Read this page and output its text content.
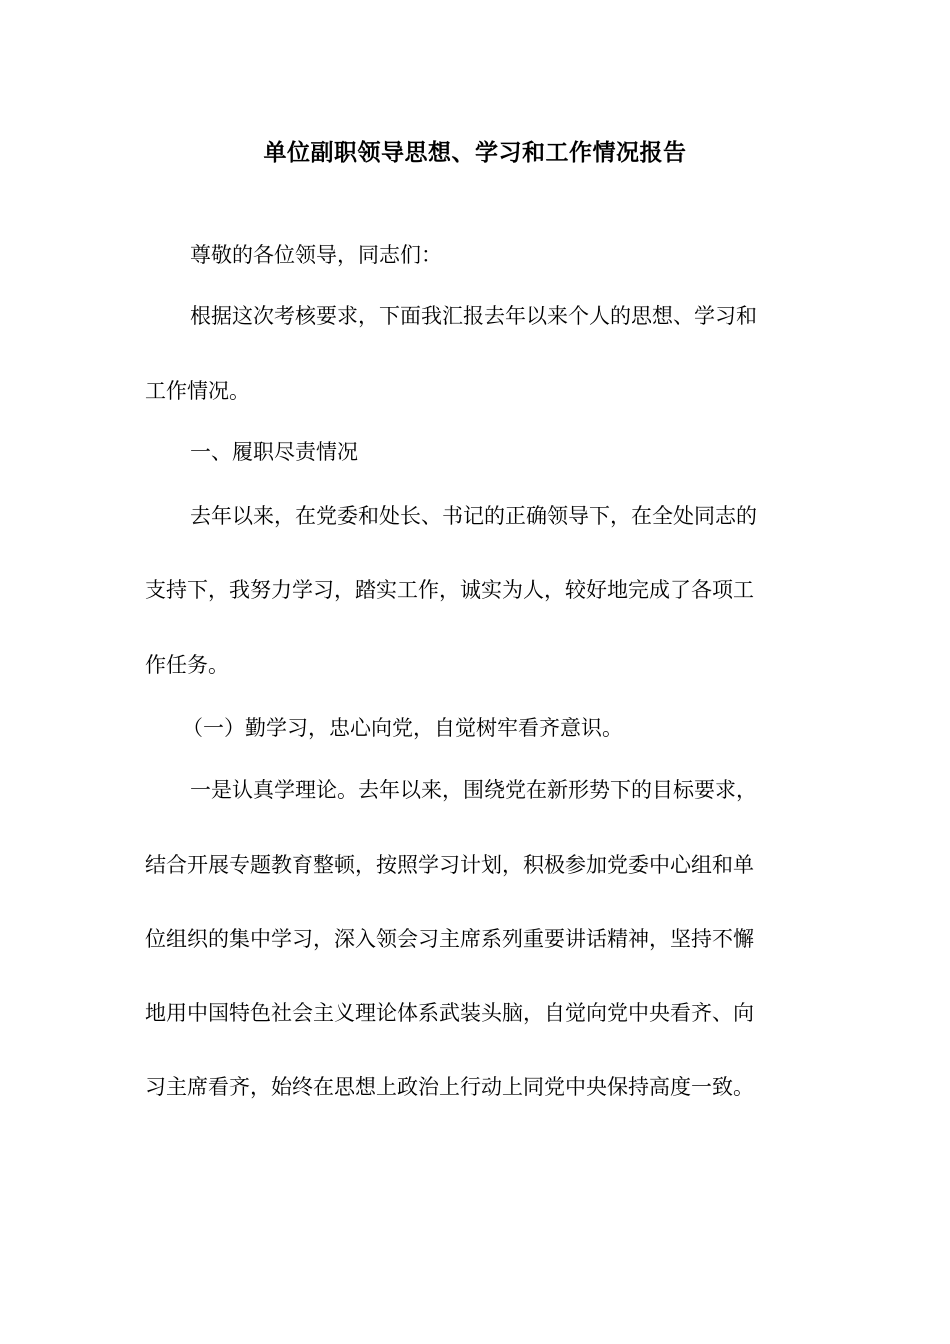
单位副职领导思想、学习和工作情况报告

尊敬的各位领导，同志们：

根据这次考核要求，下面我汇报去年以来个人的思想、学习和

工作情况。

一、履职尽责情况

去年以来，在党委和处长、书记的正确领导下，在全处同志的

支持下，我努力学习，踏实工作，诚实为人，较好地完成了各项工

作任务。

（一）勤学习，忠心向党，自觉树牢看齐意识。

一是认真学理论。去年以来，围绕党在新形势下的目标要求，

结合开展专题教育整顿，按照学习计划，积极参加党委中心组和单

位组织的集中学习，深入领会习主席系列重要讲话精神，坚持不懈

地用中国特色社会主义理论体系武装头脑，自觉向党中央看齐、向

习主席看齐，始终在思想上政治上行动上同党中央保持高度一致。
